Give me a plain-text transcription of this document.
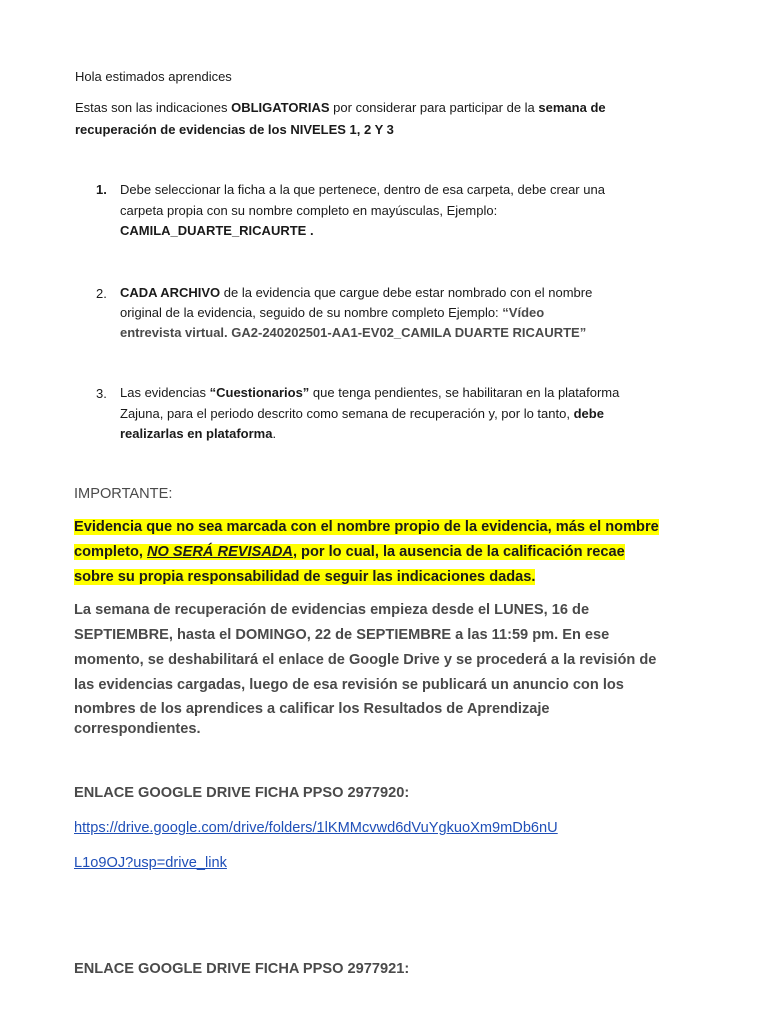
Hola estimados aprendices
Estas son las indicaciones OBLIGATORIAS por considerar para participar de la semana de
recuperación de evidencias de los NIVELES 1, 2 Y 3
1. Debe seleccionar la ficha a la que pertenece, dentro de esa carpeta, debe crear una
carpeta propia con su nombre completo en mayúsculas, Ejemplo:
CAMILA_DUARTE_RICAURTE .
2. CADA ARCHIVO de la evidencia que cargue debe estar nombrado con el nombre
original de la evidencia, seguido de su nombre completo Ejemplo: “Vídeo
entrevista virtual. GA2-240202501-AA1-EV02_CAMILA DUARTE RICAURTE”
3. Las evidencias “Cuestionarios” que tenga pendientes, se habilitaran en la plataforma
Zajuna, para el periodo descrito como semana de recuperación y, por lo tanto, debe
realizarlas en plataforma.
IMPORTANTE:
Evidencia que no sea marcada con el nombre propio de la evidencia, más el nombre
completo, NO SERÁ REVISADA, por lo cual, la ausencia de la calificación recae
sobre su propia responsabilidad de seguir las indicaciones dadas.
La semana de recuperación de evidencias empieza desde el LUNES, 16 de
SEPTIEMBRE, hasta el DOMINGO, 22 de SEPTIEMBRE a las 11:59 pm. En ese
momento, se deshabilitará el enlace de Google Drive y se procederá a la revisión de
las evidencias cargadas, luego de esa revisión se publicará un anuncio con los
nombres de los aprendices a calificar los Resultados de Aprendizaje
correspondientes.
ENLACE GOOGLE DRIVE FICHA PPSO 2977920:
https://drive.google.com/drive/folders/1lKMMcvwd6dVuYgkuoXm9mDb6nU
L1o9OJ?usp=drive_link
ENLACE GOOGLE DRIVE FICHA PPSO 2977921:
